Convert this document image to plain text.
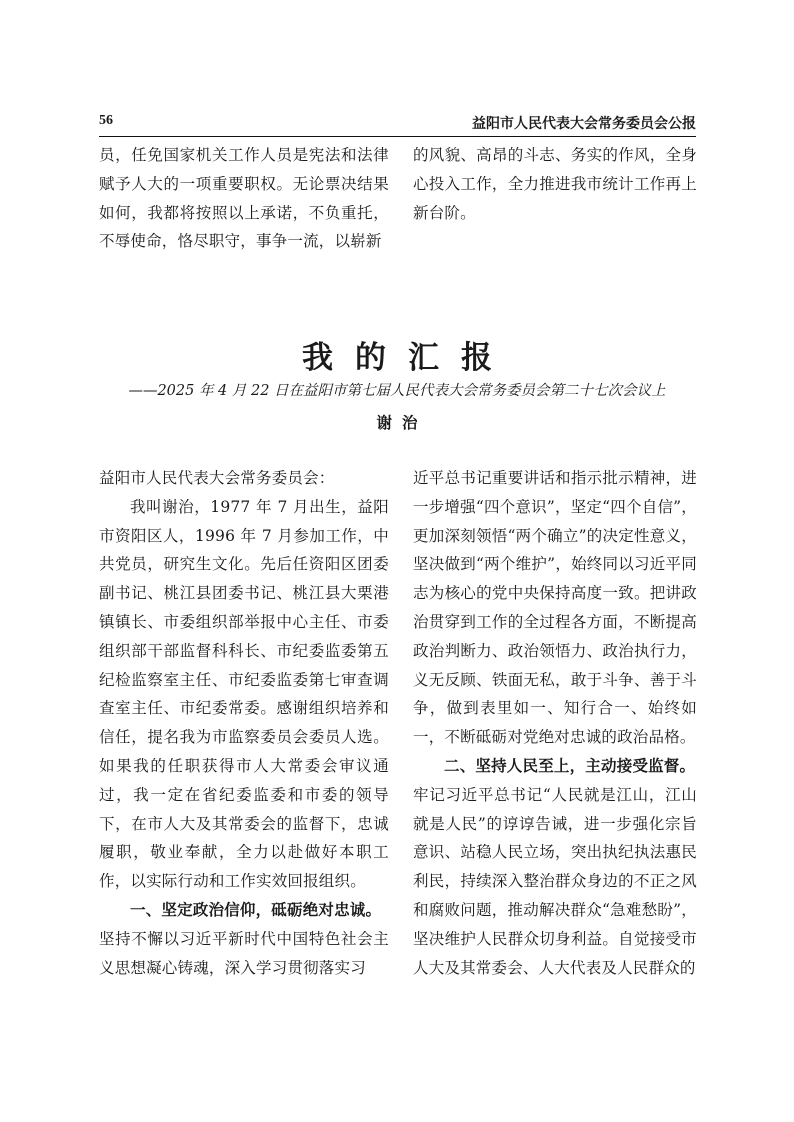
56	益阳市人民代表大会常务委员会公报

员，任免国家机关工作人员是宪法和法律赋予人大的一项重要职权。无论票决结果如何，我都将按照以上承诺，不负重托，不辱使命，恪尽职守，事争一流，以崭新

的风貌、高昂的斗志、务实的作风，全身心投入工作，全力推进我市统计工作再上新台阶。

我的汇报
——2025 年 4 月 22 日在益阳市第七届人民代表大会常务委员会第二十七次会议上
谢治

益阳市人民代表大会常务委员会：

我叫谢治，1977 年 7 月出生，益阳市资阳区人，1996 年 7 月参加工作，中共党员，研究生文化。先后任资阳区团委副书记、桃江县团委书记、桃江县大栗港镇镇长、市委组织部举报中心主任、市委组织部干部监督科科长、市纪委监委第五纪检监察室主任、市纪委监委第七审查调查室主任、市纪委常委。感谢组织培养和信任，提名我为市监察委员会委员人选。如果我的任职获得市人大常委会审议通过，我一定在省纪委监委和市委的领导下，在市人大及其常委会的监督下，忠诚履职，敬业奉献，全力以赴做好本职工作，以实际行动和工作实效回报组织。

一、坚定政治信仰，砥砺绝对忠诚。

坚持不懈以习近平新时代中国特色社会主义思想凝心铸魂，深入学习贯彻落实习

近平总书记重要讲话和指示批示精神，进一步增强“四个意识”，坚定“四个自信”，更加深刻领悟“两个确立”的决定性意义，坚决做到“两个维护”，始终同以习近平同志为核心的党中央保持高度一致。把讲政治贯穿到工作的全过程各方面，不断提高政治判断力、政治领悟力、政治执行力，义无反顾、铁面无私，敢于斗争、善于斗争，做到表里如一、知行合一、始终如一，不断砥砺对党绝对忠诚的政治品格。

二、坚持人民至上，主动接受监督。

牢记习近平总书记“人民就是江山，江山就是人民”的谆谆告诫，进一步强化宗旨意识、站稳人民立场，突出执纪执法惠民利民，持续深入整治群众身边的不正之风和腐败问题，推动解决群众“急难愁盼”，坚决维护人民群众切身利益。自觉接受市人大及其常委会、人大代表及人民群众的
